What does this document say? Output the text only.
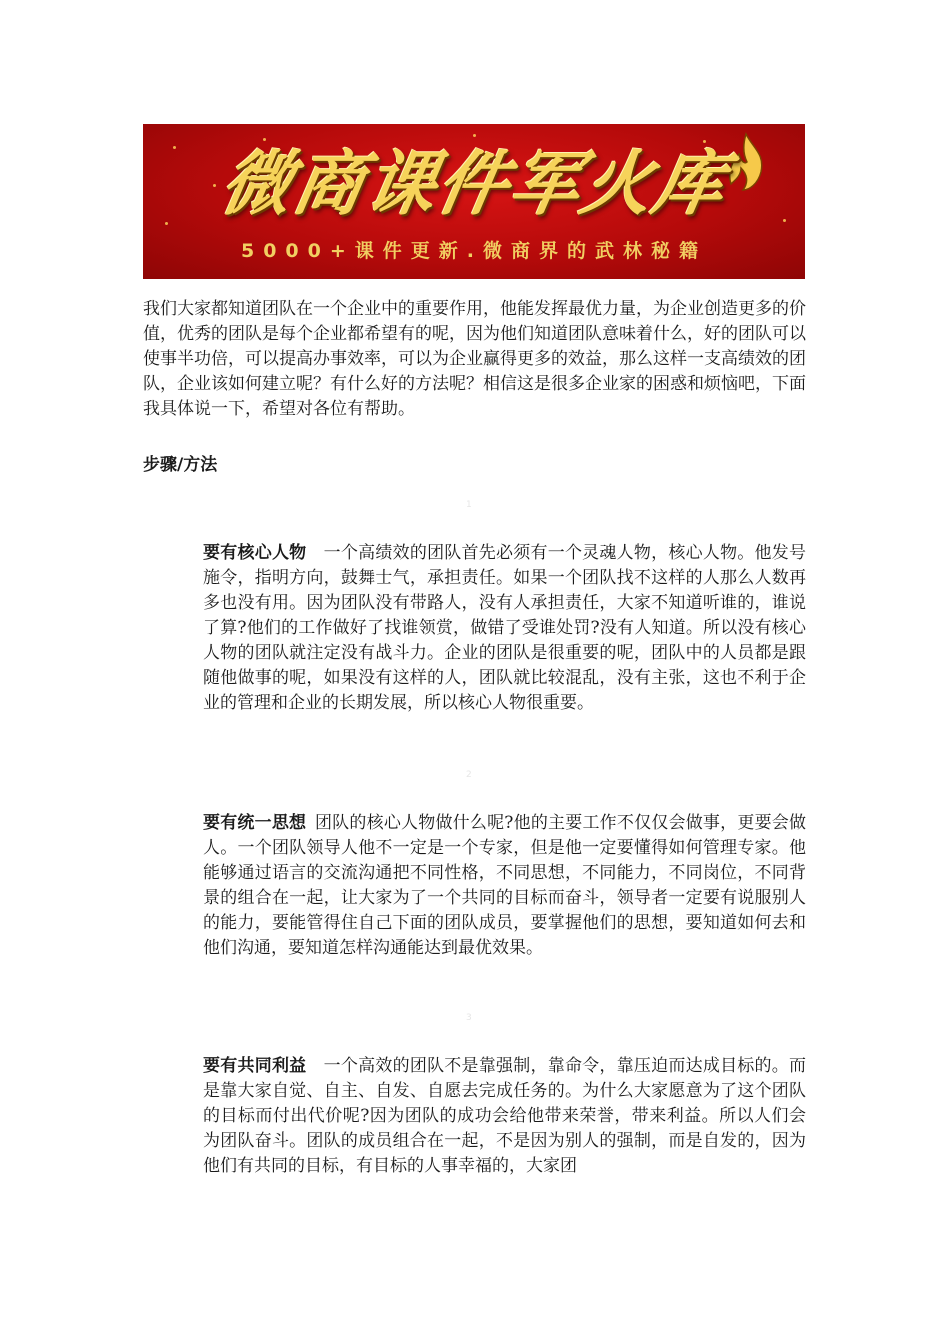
微商课件军火库
5000+课件更新.微商界的武林秘籍

我们大家都知道团队在一个企业中的重要作用，他能发挥最优力量，为企业创造更多的价值，优秀的团队是每个企业都希望有的呢，因为他们知道团队意味着什么，好的团队可以使事半功倍，可以提高办事效率，可以为企业赢得更多的效益，那么这样一支高绩效的团队，企业该如何建立呢？有什么好的方法呢？相信这是很多企业家的困惑和烦恼吧，下面我具体说一下，希望对各位有帮助。

步骤/方法
1

要有核心人物  一个高绩效的团队首先必须有一个灵魂人物，核心人物。他发号施令，指明方向，鼓舞士气，承担责任。如果一个团队找不这样的人那么人数再多也没有用。因为团队没有带路人，没有人承担责任，大家不知道听谁的，谁说了算?他们的工作做好了找谁领赏，做错了受谁处罚?没有人知道。所以没有核心人物的团队就注定没有战斗力。企业的团队是很重要的呢，团队中的人员都是跟随他做事的呢，如果没有这样的人，团队就比较混乱，没有主张，这也不利于企业的管理和企业的长期发展，所以核心人物很重要。

2

要有统一思想  团队的核心人物做什么呢?他的主要工作不仅仅会做事，更要会做人。一个团队领导人他不一定是一个专家，但是他一定要懂得如何管理专家。他能够通过语言的交流沟通把不同性格，不同思想，不同能力，不同岗位，不同背景的组合在一起，让大家为了一个共同的目标而奋斗，领导者一定要有说服别人的能力，要能管得住自己下面的团队成员，要掌握他们的思想，要知道如何去和他们沟通，要知道怎样沟通能达到最优效果。

3

要有共同利益  一个高效的团队不是靠强制，靠命令，靠压迫而达成目标的。而是靠大家自觉、自主、自发、自愿去完成任务的。为什么大家愿意为了这个团队的目标而付出代价呢?因为团队的成功会给他带来荣誉，带来利益。所以人们会为团队奋斗。团队的成员组合在一起，不是因为别人的强制，而是自发的，因为他们有共同的目标，有目标的人事幸福的，大家团
